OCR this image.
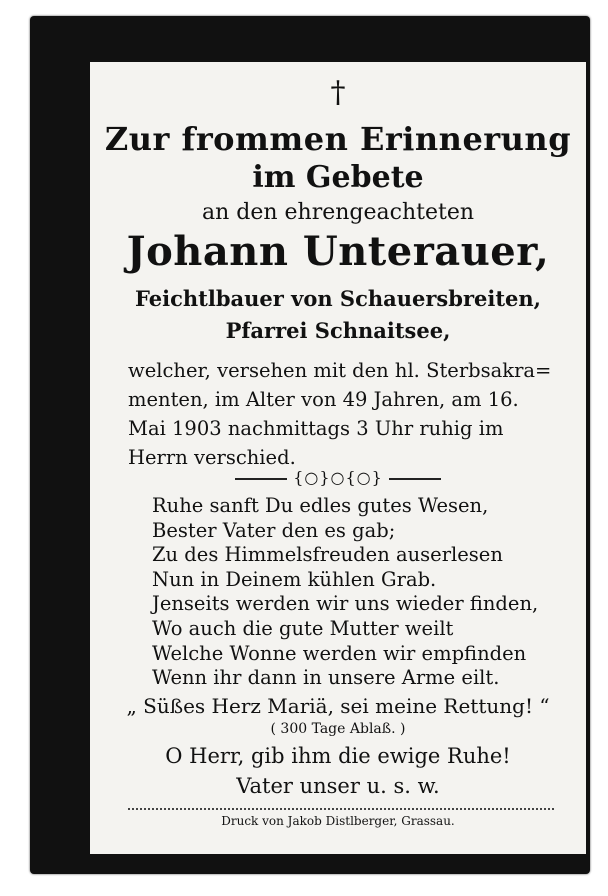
†
Zur frommen Erinnerung
im Gebete
an den ehrengeachteten
Johann Unterauer,
Feichtlbauer von Schauersbreiten,
Pfarrei Schnaitsee,
welcher, versehen mit den hl. Sterbsakra=
menten, im Alter von 49 Jahren, am 16.
Mai 1903 nachmittags 3 Uhr ruhig im
Herrn verschied.
{○}○{○}
Ruhe sanft Du edles gutes Wesen,
Bester Vater den es gab;
Zu des Himmelsfreuden auserlesen
Nun in Deinem kühlen Grab.
Jenseits werden wir uns wieder finden,
Wo auch die gute Mutter weilt
Welche Wonne werden wir empfinden
Wenn ihr dann in unsere Arme eilt.
„ Süßes Herz Mariä, sei meine Rettung! “
( 300 Tage Ablaß. )
O Herr, gib ihm die ewige Ruhe!
Vater unser u. s. w.
Druck von Jakob Distlberger, Grassau.
